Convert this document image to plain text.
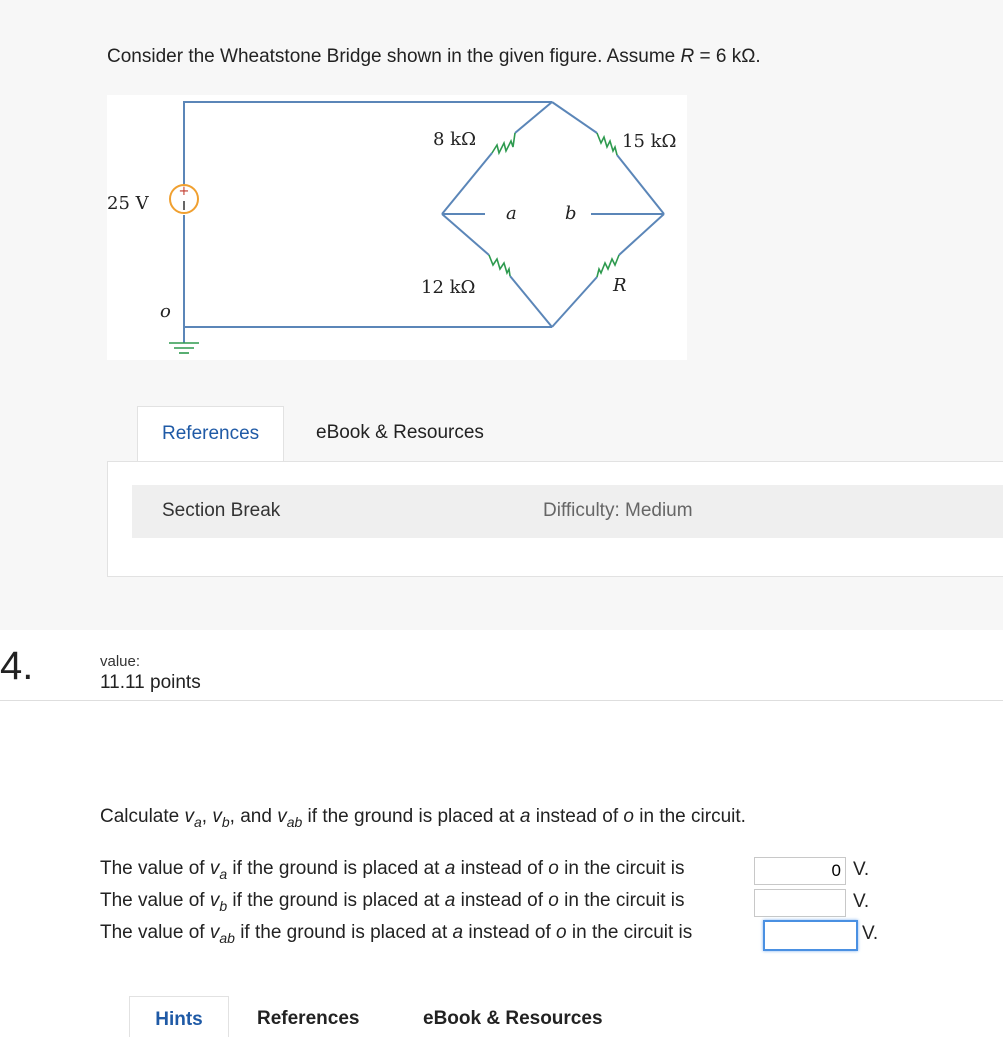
Consider the Wheatstone Bridge shown in the given figure. Assume R = 6 kΩ.
+
25 V
o
8 kΩ	15 kΩ
12 kΩ	R
a	b
References	eBook & Resources
Section Break	Difficulty: Medium
4.	value:
11.11 points
Calculate $v_a$, $v_b$, and $v_{ab}$ if the ground is placed at a instead of o in the circuit.
The value of $v_a$ if the ground is placed at a instead of o in the circuit is
0	V.
The value of $v_b$ if the ground is placed at a instead of o in the circuit is	V.
The value of $v_{ab}$ if the ground is placed at a instead of o in the circuit is	V.
Hints	References	eBook & Resources
